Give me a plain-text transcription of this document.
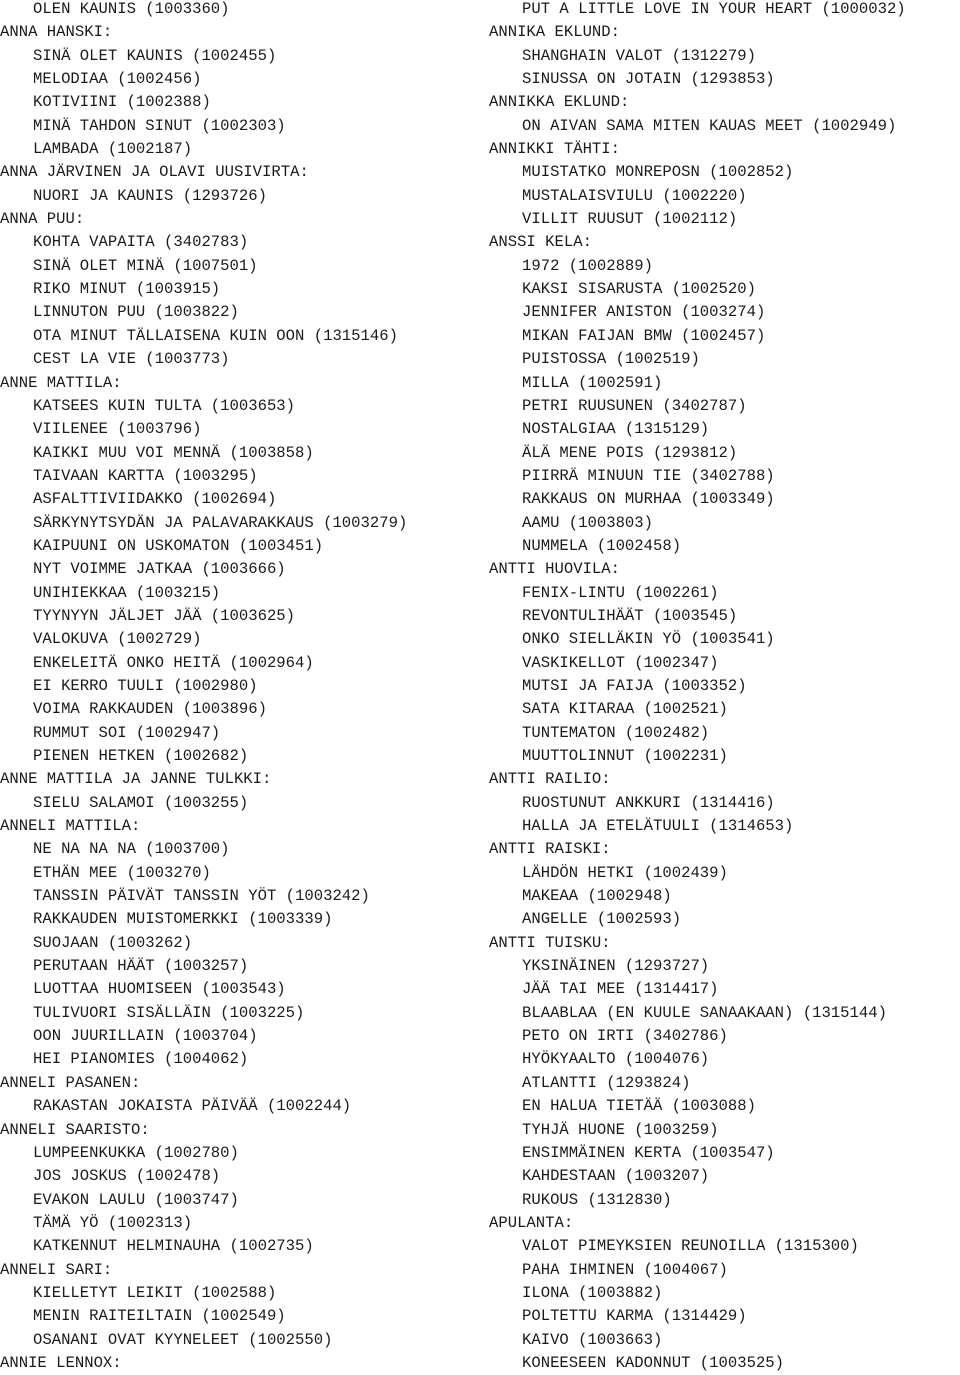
OLEN KAUNIS (1003360)
ANNA HANSKI:
SINÄ OLET KAUNIS (1002455)
MELODIAA (1002456)
KOTIVIINI (1002388)
MINÄ TAHDON SINUT (1002303)
LAMBADA (1002187)
ANNA JÄRVINEN JA OLAVI UUSIVIRTA:
NUORI JA KAUNIS (1293726)
ANNA PUU:
KOHTA VAPAITA (3402783)
SINÄ OLET MINÄ (1007501)
RIKO MINUT (1003915)
LINNUTON PUU (1003822)
OTA MINUT TÄLLAISENA KUIN OON (1315146)
CEST LA VIE (1003773)
ANNE MATTILA:
KATSEES KUIN TULTA (1003653)
VIILENEE (1003796)
KAIKKI MUU VOI MENNÄ (1003858)
TAIVAAN KARTTA (1003295)
ASFALTTIVIIDAKKO (1002694)
SÄRKYNYTSYDÄN JA PALAVARAKKAUS (1003279)
KAIPUUNI ON USKOMATON (1003451)
NYT VOIMME JATKAA (1003666)
UNIHIEKKAA (1003215)
TYYNYYN JÄLJET JÄÄ (1003625)
VALOKUVA (1002729)
ENKELEITÄ ONKO HEITÄ (1002964)
EI KERRO TUULI (1002980)
VOIMA RAKKAUDEN (1003896)
RUMMUT SOI (1002947)
PIENEN HETKEN (1002682)
ANNE MATTILA JA JANNE TULKKI:
SIELU SALAMOI (1003255)
ANNELI MATTILA:
NE NA NA NA (1003700)
ETHÄN MEE (1003270)
TANSSIN PÄIVÄT TANSSIN YÖT (1003242)
RAKKAUDEN MUISTOMERKKI (1003339)
SUOJAAN (1003262)
PERUTAAN HÄÄT (1003257)
LUOTTAA HUOMISEEN (1003543)
TULIVUORI SISÄLLÄIN (1003225)
OON JUURILLAIN (1003704)
HEI PIANOMIES (1004062)
ANNELI PASANEN:
RAKASTAN JOKAISTA PÄIVÄÄ (1002244)
ANNELI SAARISTO:
LUMPEENKUKKA (1002780)
JOS JOSKUS (1002478)
EVAKON LAULU (1003747)
TÄMÄ YÖ (1002313)
KATKENNUT HELMINAUHA (1002735)
ANNELI SARI:
KIELLETYT LEIKIT (1002588)
MENIN RAITEILTAIN (1002549)
OSANANI OVAT KYYNELEET (1002550)
ANNIE LENNOX:
PUT A LITTLE LOVE IN YOUR HEART (1000032)
ANNIKA EKLUND:
SHANGHAIN VALOT (1312279)
SINUSSA ON JOTAIN (1293853)
ANNIKKA EKLUND:
ON AIVAN SAMA MITEN KAUAS MEET (1002949)
ANNIKKI TÄHTI:
MUISTATKO MONREPOSN (1002852)
MUSTALAISVIULU (1002220)
VILLIT RUUSUT (1002112)
ANSSI KELA:
1972 (1002889)
KAKSI SISARUSTA (1002520)
JENNIFER ANISTON (1003274)
MIKAN FAIJAN BMW (1002457)
PUISTOSSA (1002519)
MILLA (1002591)
PETRI RUUSUNEN (3402787)
NOSTALGIAA (1315129)
ÄLÄ MENE POIS (1293812)
PIIRRÄ MINUUN TIE (3402788)
RAKKAUS ON MURHAA (1003349)
AAMU (1003803)
NUMMELA (1002458)
ANTTI HUOVILA:
FENIX-LINTU (1002261)
REVONTULIHÄÄT (1003545)
ONKO SIELLÄKIN YÖ (1003541)
VASKIKELLOT (1002347)
MUTSI JA FAIJA (1003352)
SATA KITARAA (1002521)
TUNTEMATON (1002482)
MUUTTOLINNUT (1002231)
ANTTI RAILIO:
RUOSTUNUT ANKKURI (1314416)
HALLA JA ETELÄTUULI (1314653)
ANTTI RAISKI:
LÄHDÖN HETKI (1002439)
MAKEAA (1002948)
ANGELLE (1002593)
ANTTI TUISKU:
YKSINÄINEN (1293727)
JÄÄ TAI MEE (1314417)
BLAABLAA (EN KUULE SANAAKAAN) (1315144)
PETO ON IRTI (3402786)
HYÖKYAALTO (1004076)
ATLANTTI (1293824)
EN HALUA TIETÄÄ (1003088)
TYHJÄ HUONE (1003259)
ENSIMMÄINEN KERTA (1003547)
KAHDESTAAN (1003207)
RUKOUS (1312830)
APULANTA:
VALOT PIMEYKSIEN REUNOILLA (1315300)
PAHA IHMINEN (1004067)
ILONA (1003882)
POLTETTU KARMA (1314429)
KAIVO (1003663)
KONEESEEN KADONNUT (1003525)
